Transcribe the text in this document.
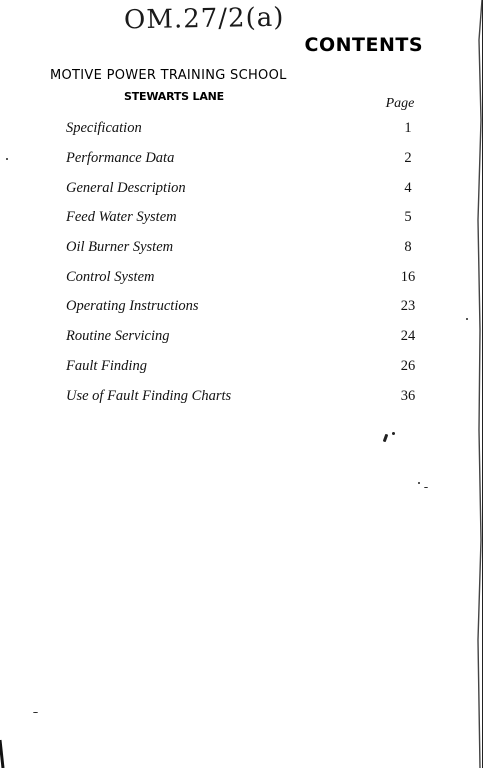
OM.27/2(a)
CONTENTS
MOTIVE POWER TRAINING SCHOOL
STEWARTS LANE	Page
Specification	1
Performance Data	2
General Description	4
Feed Water System	5
Oil Burner System	8
Control System	16
Operating Instructions	23
Routine Servicing	24
Fault Finding	26
Use of Fault Finding Charts	36
